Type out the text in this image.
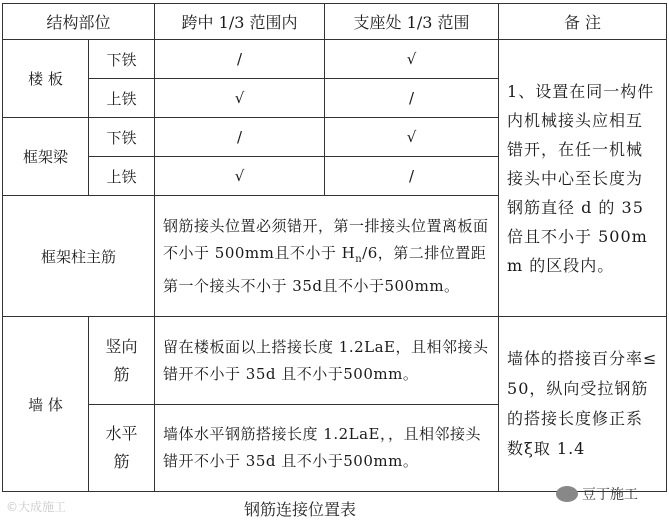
结构部位		跨中 1/3 范围内	支座处 1/3 范围	备 注
楼 板	下铁	/	√	1、设置在同一构件内机械接头应相互错开，在任一机械接头中心至长度为钢筋直径 d 的 35 倍且不小于 500mm 的区段内。
	上铁	√	/	
框架梁	下铁	/	√	
	上铁	√	/	
框架柱主筋		钢筋接头位置必须错开，第一排接头位置离板面不小于 500mm且不小于 $H_n/6$，第二排位置距第一个接头不小于 35d且不小于500mm。		
墙 体	竖向筋	留在楼板面以上搭接长度 1.2LaE，且相邻接头错开不小于 35d 且不小于500mm。		墙体的搭接百分率≤50，纵向受拉钢筋的搭接长度修正系数ξ取 1.4

	水平筋	墙体水平钢筋搭接长度 1.2LaE，，且相邻接头错开不小于 35d 且不小于500mm。		
钢筋连接位置表
©大成施工
豆丁施工
